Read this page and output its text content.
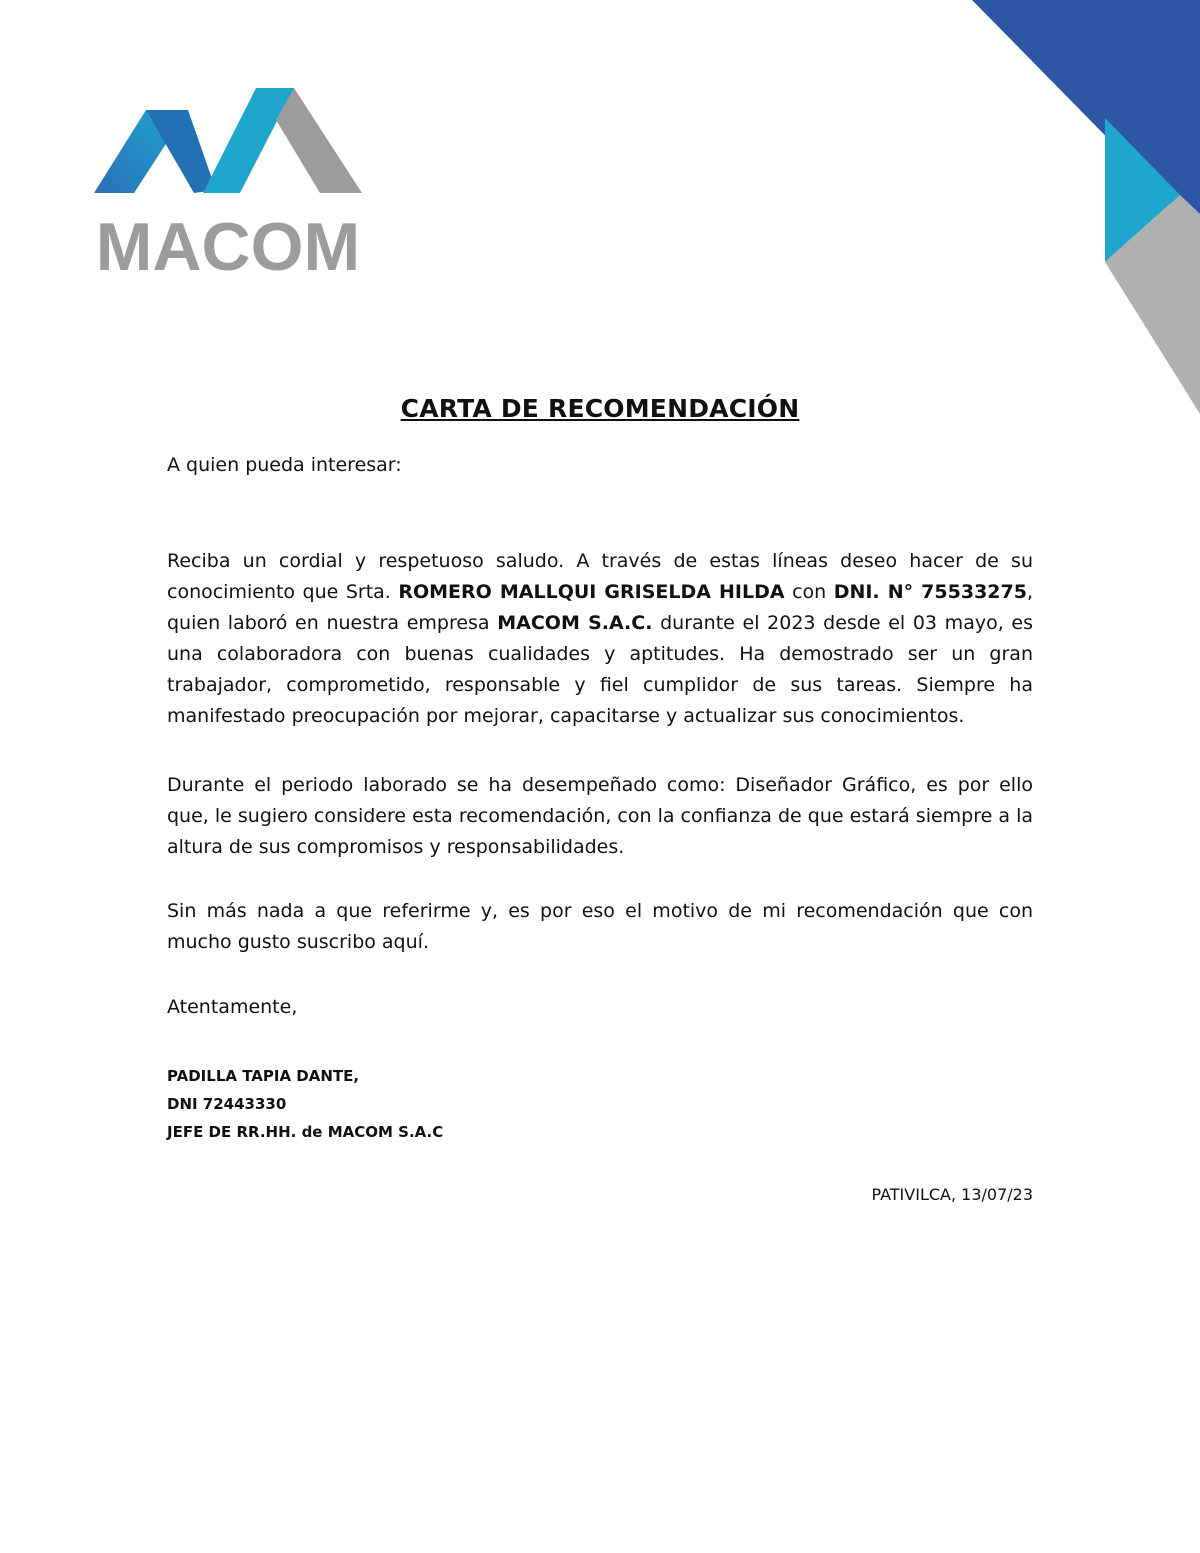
MACOM
CARTA DE RECOMENDACIÓN
A quien pueda interesar:
Reciba un cordial y respetuoso saludo. A través de estas líneas deseo hacer de su conocimiento que Srta. ROMERO MALLQUI GRISELDA HILDA con DNI. N° 75533275, quien laboró en nuestra empresa MACOM S.A.C. durante el 2023 desde el 03 mayo, es una colaboradora con buenas cualidades y aptitudes. Ha demostrado ser un gran trabajador, comprometido, responsable y fiel cumplidor de sus tareas. Siempre ha manifestado preocupación por mejorar, capacitarse y actualizar sus conocimientos.
Durante el periodo laborado se ha desempeñado como: Diseñador Gráfico, es por ello que, le sugiero considere esta recomendación, con la confianza de que estará siempre a la altura de sus compromisos y responsabilidades.
Sin más nada a que referirme y, es por eso el motivo de mi recomendación que con mucho gusto suscribo aquí.
Atentamente,
PADILLA TAPIA DANTE,
DNI 72443330
JEFE DE RR.HH. de MACOM S.A.C
PATIVILCA, 13/07/23
